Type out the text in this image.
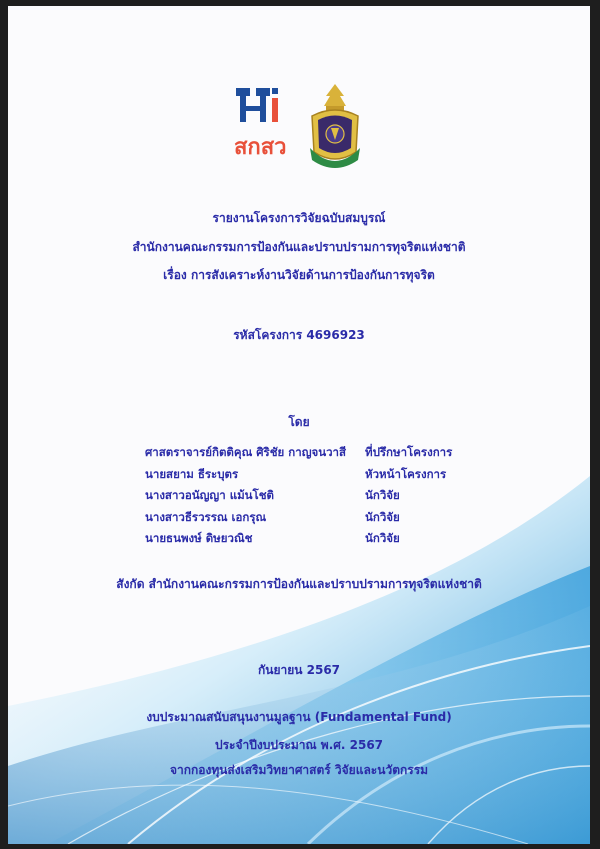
สกสว
รายงานโครงการวิจัยฉบับสมบูรณ์
สำนักงานคณะกรรมการป้องกันและปราบปรามการทุจริตแห่งชาติ
เรื่อง การสังเคราะห์งานวิจัยด้านการป้องกันการทุจริต
รหัสโครงการ 4696923
โดย
ศาสตราจารย์กิตติคุณ ศิริชัย กาญจนวาสี ที่ปรึกษาโครงการ
นายสยาม ธีระบุตร	หัวหน้าโครงการ
นางสาวอนัญญา แม้นโชติ	นักวิจัย
นางสาวธีรวรรณ เอกรุณ	นักวิจัย
นายธนพงษ์ ดิษยวณิช	นักวิจัย
สังกัด สำนักงานคณะกรรมการป้องกันและปราบปรามการทุจริตแห่งชาติ
กันยายน 2567
งบประมาณสนับสนุนงานมูลฐาน (Fundamental Fund)
ประจำปีงบประมาณ พ.ศ. 2567
จากกองทุนส่งเสริมวิทยาศาสตร์ วิจัยและนวัตกรรม
